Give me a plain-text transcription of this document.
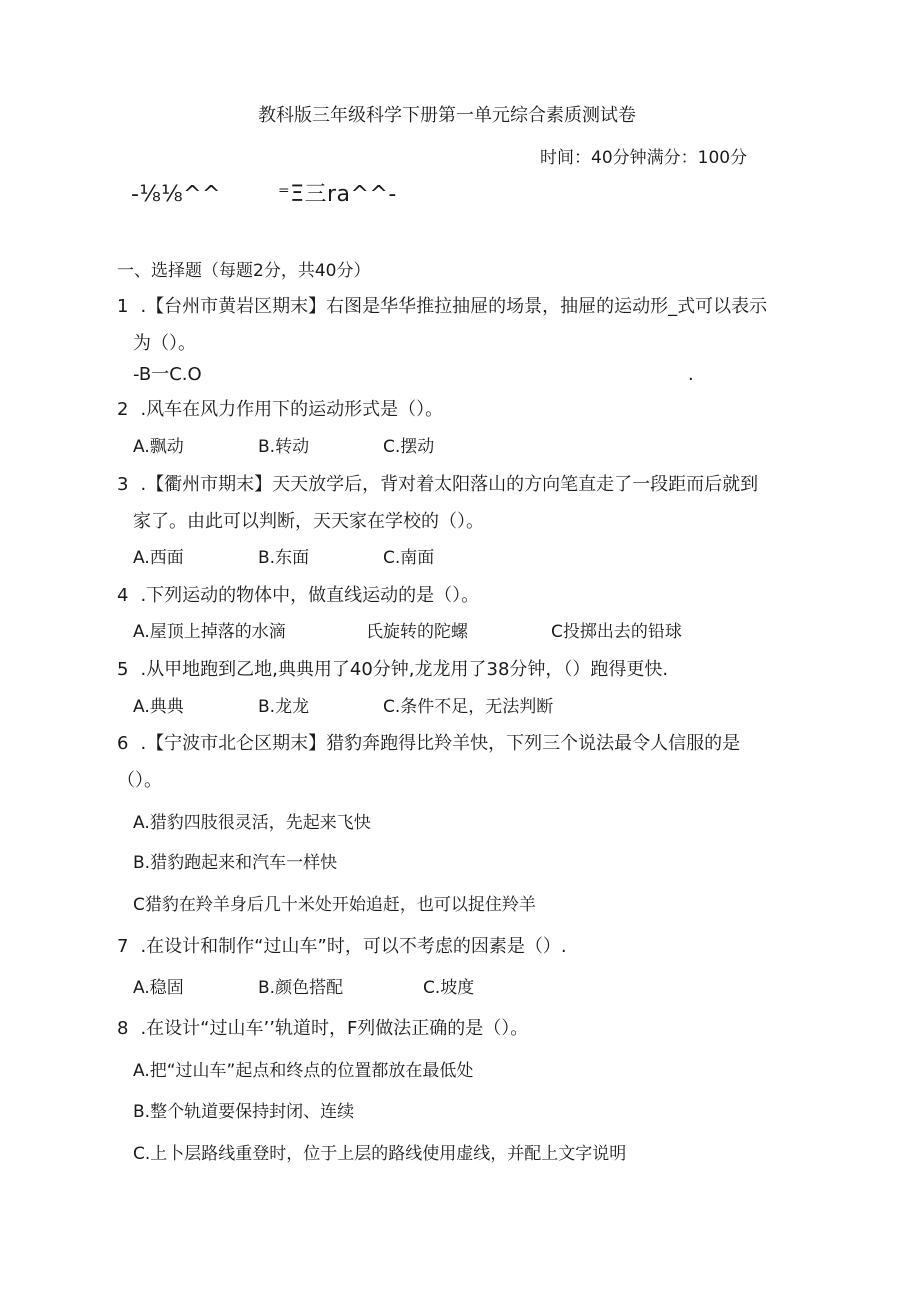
教科版三年级科学下册第一单元综合素质测试卷
时间：40分钟满分：100分
-⅛⅛^^	⁼Ξ三ra^^-
一、选择题（每题2分，共40分）
1 .【台州市黄岩区期末】右图是华华推拉抽屉的场景，抽屉的运动形_式可以表示
为（）。
-B一C.O	.
2 .风车在风力作用下的运动形式是（）。
A.飘动	B.转动	C.摆动
3 .【衢州市期末】天天放学后，背对着太阳落山的方向笔直走了一段距而后就到
家了。由此可以判断，天天家在学校的（）。
A.西面	B.东面	C.南面
4 .下列运动的物体中，做直线运动的是（）。
A.屋顶上掉落的水滴	氏旋转的陀螺	C投掷出去的铅球
5 .从甲地跑到乙地,典典用了40分钟,龙龙用了38分钟，（）跑得更快.
A.典典	B.龙龙	C.条件不足，无法判断
6 .【宁波市北仑区期末】猎豹奔跑得比羚羊快，下列三个说法最令人信服的是
（）。
A.猎豹四肢很灵活，先起来飞快
B.猎豹跑起来和汽车一样快
C猎豹在羚羊身后几十米处开始追赶，也可以捉住羚羊
7 .在设计和制作“过山车”时，可以不考虑的因素是（）.
A.稳固	B.颜色搭配	C.坡度
8 .在设计“过山车’’轨道时，F列做法正确的是（）。
A.把“过山车”起点和终点的位置都放在最低处
B.整个轨道要保持封闭、连续
C.上卜层路线重登时，位于上层的路线使用虚线，并配上文字说明
